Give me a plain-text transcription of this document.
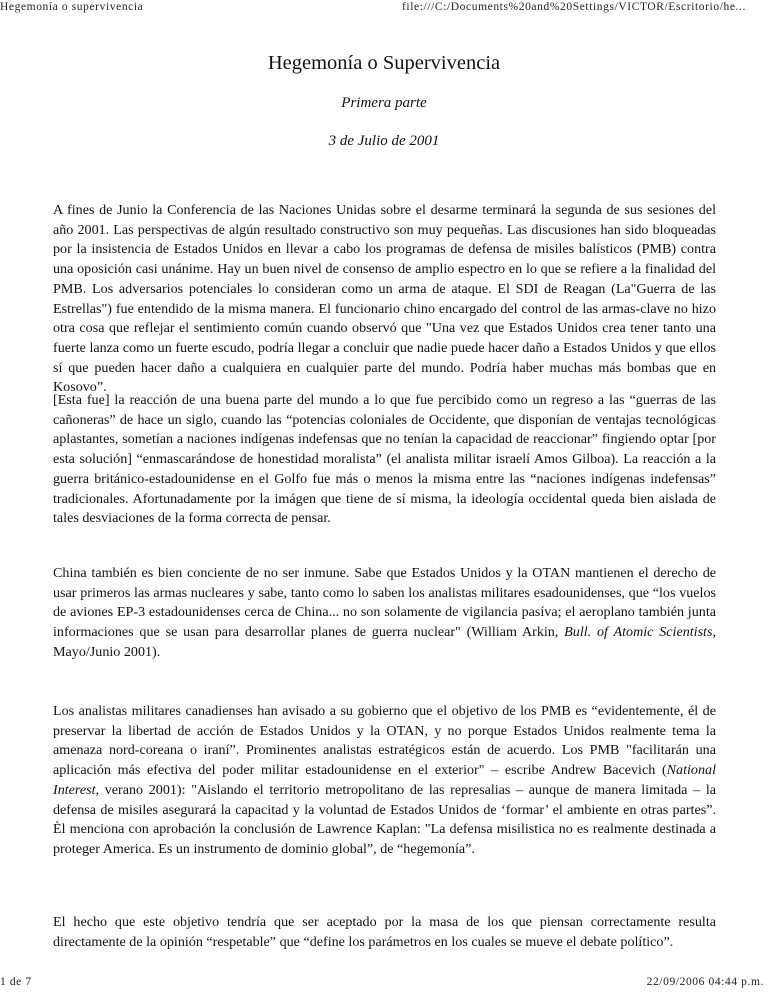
Hegemonía o supervivencia	file:///C:/Documents%20and%20Settings/VICTOR/Escritorio/he...
Hegemonía o Supervivencia
Primera parte
3 de Julio de 2001

A fines de Junio la Conferencia de las Naciones Unidas sobre el desarme terminará la segunda de sus sesiones del año 2001. Las perspectivas de algún resultado constructivo son muy pequeñas. Las discusiones han sido bloqueadas por la insistencia de Estados Unidos en llevar a cabo los programas de defensa de misiles balísticos (PMB) contra una oposición casi unánime. Hay un buen nivel de consenso de amplio espectro en lo que se refiere a la finalidad del PMB. Los adversarios potenciales lo consideran como un arma de ataque. El SDI de Reagan (La"Guerra de las Estrellas") fue entendido de la misma manera. El funcionario chino encargado del control de las armas-clave no hizo otra cosa que reflejar el sentimiento común cuando observó que "Una vez que Estados Unidos crea tener tanto una fuerte lanza como un fuerte escudo, podría llegar a concluir que nadie puede hacer daño a Estados Unidos y que ellos sí que pueden hacer daño a cualquiera en cualquier parte del mundo. Podría haber muchas más bombas que en Kosovo”.

[Esta fue] la reacción de una buena parte del mundo a lo que fue percibido como un regreso a las “guerras de las cañoneras” de hace un siglo, cuando las “potencias coloniales de Occidente, que disponían de ventajas tecnológicas aplastantes, sometían a naciones indígenas indefensas que no tenían la capacidad de reaccionar” fingiendo optar [por esta solución] “enmascarándose de honestidad moralista” (el analista militar israelí Amos Gilboa). La reacción a la guerra británico-estadounidense en el Golfo fue más o menos la misma entre las “naciones indígenas indefensas” tradicionales. Afortunadamente por la imágen que tiene de sí misma, la ideología occidental queda bien aislada de tales desviaciones de la forma correcta de pensar.

China también es bien conciente de no ser inmune. Sabe que Estados Unidos y la OTAN mantienen el derecho de usar primeros las armas nucleares y sabe, tanto como lo saben los analistas militares esadounidenses, que “los vuelos de aviones EP-3 estadounidenses cerca de China... no son solamente de vigilancia pasíva; el aeroplano también junta informaciones que se usan para desarrollar planes de guerra nuclear" (William Arkin, Bull. of Atomic Scientists, Mayo/Junio 2001).

Los analistas militares canadienses han avisado a su gobierno que el objetivo de los PMB es “evidentemente, él de preservar la libertad de acción de Estados Unidos y la OTAN, y no porque Estados Unidos realmente tema la amenaza nord-coreana o iraní”. Prominentes analistas estratégicos están de acuerdo. Los PMB "facilitarán una aplicación más efectiva del poder militar estadounidense en el exterior" – escribe Andrew Bacevich (National Interest, verano 2001): "Aislando el territorio metropolitano de las represalias – aunque de manera limitada – la defensa de misiles asegurará la capacitad y la voluntad de Estados Unidos de ‘formar’ el ambiente en otras partes”. Èl menciona con aprobación la conclusión de Lawrence Kaplan: "La defensa misilistica no es realmente destinada a proteger America. Es un instrumento de dominio global”, de “hegemonía”.

El hecho que este objetivo tendría que ser aceptado por la masa de los que piensan correctamente resulta directamente de la opinión “respetable” que “define los parámetros en los cuales se mueve el debate político”.

1 de 7	22/09/2006 04:44 p.m.
